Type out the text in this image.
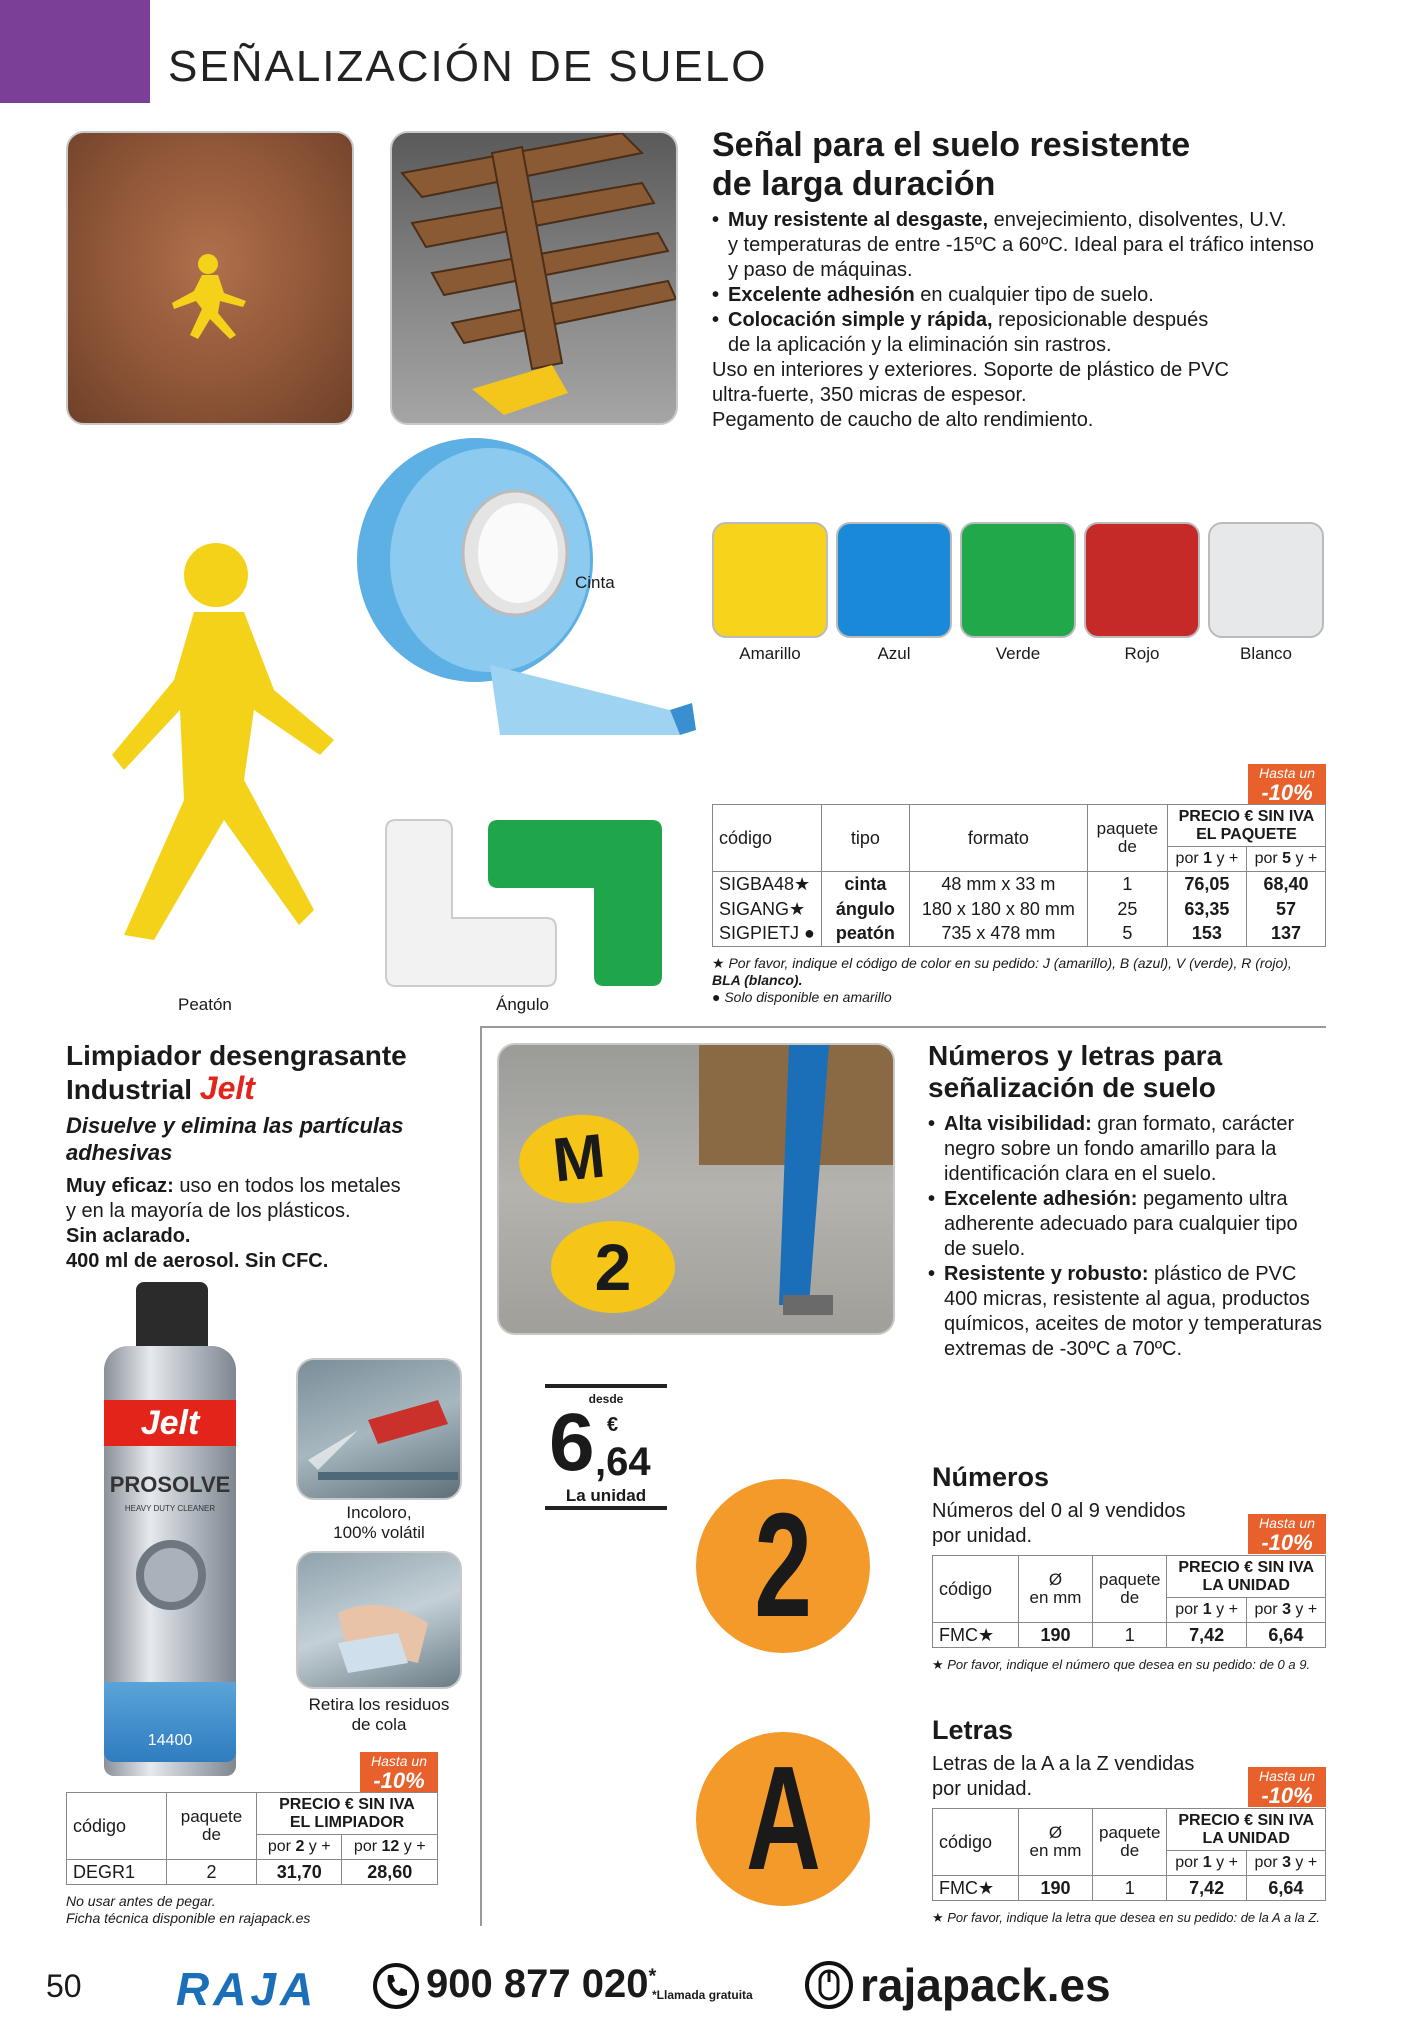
SEÑALIZACIÓN DE SUELO
Señal para el suelo resistente
de larga duración
• Muy resistente al desgaste, envejecimiento, disolventes, U.V.
y temperaturas de entre -15ºC a 60ºC. Ideal para el tráfico intenso
y paso de máquinas.
• Excelente adhesión en cualquier tipo de suelo.
• Colocación simple y rápida, reposicionable después
de la aplicación y la eliminación sin rastros.
Uso en interiores y exteriores. Soporte de plástico de PVC
ultra-fuerte, 350 micras de espesor.
Pegamento de caucho de alto rendimiento.
Cinta
Peatón	Ángulo
Amarillo	Azul	Verde	Rojo	Blanco
Hasta un
-10%
código	tipo	formato	paquete
de	PRECIO € SIN IVA
EL PAQUETE	
				por 1 y +	por 5 y +
SIGBA48★	cinta	48 mm x 33 m	1	76,05	68,40
SIGANG★	ángulo	180 x 180 x 80 mm	25	63,35	57
SIGPIETJ ●	peatón	735 x 478 mm	5	153	137
★ Por favor, indique el código de color en su pedido: J (amarillo), B (azul), V (verde), R (rojo),
BLA (blanco).
● Solo disponible en amarillo
Limpiador desengrasante
Industrial Jelt
Disuelve y elimina las partículas
adhesivas
Muy eficaz: uso en todos los metales
y en la mayoría de los plásticos.
Sin aclarado.
400 ml de aerosol. Sin CFC.
Jelt
PROSOLVE
HEAVY DUTY CLEANER
14400
Incoloro,
100% volátil
Retira los residuos
de cola
Hasta un
-10%
código	paquete
de	PRECIO € SIN IVA
EL LIMPIADOR	
		por 2 y +	por 12 y +
DEGR1	2	31,70	28,60
No usar antes de pegar.
Ficha técnica disponible en rajapack.es
M
2
desde
6 €
,64
La unidad
Números y letras para
señalización de suelo
• Alta visibilidad: gran formato, carácter
negro sobre un fondo amarillo para la
identificación clara en el suelo.
• Excelente adhesión: pegamento ultra
adherente adecuado para cualquier tipo
de suelo.
• Resistente y robusto: plástico de PVC
400 micras, resistente al agua, productos
químicos, aceites de motor y temperaturas
extremas de -30ºC a 70ºC.
2
A
Números
Números del 0 al 9 vendidos
por unidad.
Hasta un
-10%
código	Ø
en mm	paquete
de	PRECIO € SIN IVA
LA UNIDAD	
			por 1 y +	por 3 y +
FMC★	190	1	7,42	6,64
★ Por favor, indique el número que desea en su pedido: de 0 a 9.
Letras
Letras de la A a la Z vendidas
por unidad.
Hasta un
-10%
código	Ø
en mm	paquete
de	PRECIO € SIN IVA
LA UNIDAD	
			por 1 y +	por 3 y +
FMC★	190	1	7,42	6,64
★ Por favor, indique la letra que desea en su pedido: de la A a la Z.
50 RAJA	900 877 020*
*Llamada gratuita rajapack.es
